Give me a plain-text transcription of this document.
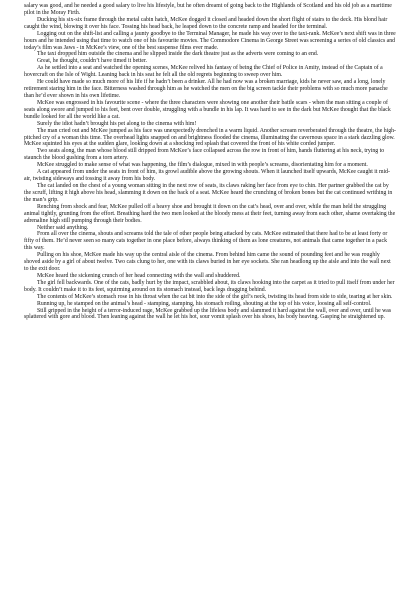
salary was good, and he needed a good salary to live his lifestyle, but he often dreamt of going back to the Highlands of Scotland and his old job as a maritime pilot in the Moray Firth.

Ducking his six-six frame through the metal cabin hatch, McKee dogged it closed and headed down the short flight of stairs to the deck. His blond hair caught the wind, blowing it over his face. Tossing his head back, he leaped down to the concrete ramp and headed for the terminal.

Logging out on the shift-list and calling a jaunty goodbye to the Terminal Manager, he made his way over to the taxi-rank. McKee’s next shift was in three hours and he intended using that time to watch one of his favourite movies. The Commodore Cinema in George Street was screening a series of old classics and today’s film was Jaws - in McKee’s view, one of the best suspense films ever made.

The taxi dropped him outside the cinema and he slipped inside the dark theatre just as the adverts were coming to an end.

Great, he thought, couldn’t have timed it better.

As he settled into a seat and watched the opening scenes, McKee relived his fantasy of being the Chief of Police in Amity, instead of the Captain of a hovercraft on the Isle of Wight. Leaning back in his seat he felt all the old regrets beginning to sweep over him.

He could have made so much more of his life if he hadn’t been a drinker. All he had now was a broken marriage, kids he never saw, and a long, lonely retirement staring him in the face. Bitterness washed through him as he watched the men on the big screen tackle their problems with so much more panache than he’d ever shown in his own lifetime.

McKee was engrossed in his favourite scene - where the three characters were showing one another their battle scars - when the man sitting a couple of seats along swore and jumped to his feet, bent over double, struggling with a bundle in his lap. It was hard to see in the dark but McKee thought that the black bundle looked for all the world like a cat.

Surely the idiot hadn’t brought his pet along to the cinema with him!

The man cried out and McKee jumped as his face was unexpectedly drenched in a warm liquid. Another scream reverberated through the theatre, the high-pitched cry of a woman this time. The overhead lights snapped on and brightness flooded the cinema, illuminating the cavernous space in a stark dazzling glow. McKee squinted his eyes at the sudden glare, looking down at a shocking red splash that covered the front of his white corded jumper.

Two seats along, the man whose blood still dripped from McKee’s face collapsed across the row in front of him, hands fluttering at his neck, trying to staunch the blood gushing from a torn artery.

McKee struggled to make sense of what was happening, the film’s dialogue, mixed in with people’s screams, disorientating him for a moment.

A cat appeared from under the seats in front of him, its growl audible above the growing shouts. When it launched itself upwards, McKee caught it mid-air, twisting sideways and tossing it away from his body.

The cat landed on the chest of a young woman sitting in the next row of seats, its claws raking her face from eye to chin. Her partner grabbed the cat by the scruff, lifting it high above his head, slamming it down on the back of a seat. McKee heard the crunching of broken bones but the cat continued writhing in the man’s grip.

Renching from shock and fear, McKee pulled off a heavy shoe and brought it down on the cat’s head, over and over, while the man held the struggling animal tightly, grunting from the effort. Breathing hard the two men looked at the bloody mess at their feet, turning away from each other, shame overtaking the adrenaline high still pumping through their bodies.

Neither said anything.

From all over the cinema, shouts and screams told the tale of other people being attacked by cats. McKee estimated that there had to be at least forty or fifty of them. He’d never seen so many cats together in one place before, always thinking of them as lone creatures, not animals that came together in a pack this way.

Pulling on his shoe, McKee made his way up the central aisle of the cinema. From behind him came the sound of pounding feet and he was roughly shoved aside by a girl of about twelve. Two cats clung to her, one with its claws buried in her eye sockets. She ran headlong up the aisle and into the wall next to the exit door.

McKee heard the sickening crunch of her head connecting with the wall and shuddered.

The girl fell backwards. One of the cats, badly hurt by the impact, scrabbled about, its claws hooking into the carpet as it tried to pull itself from under her body. It couldn’t make it to its feet, squirming around on its stomach instead, back legs dragging behind.

The contents of McKee’s stomach rose in his throat when the cat bit into the side of the girl’s neck, twisting its head from side to side, tearing at her skin.

Running up, he stamped on the animal’s head - stamping, stamping, his stomach roiling, shouting at the top of his voice, loosing all self-control.

Still gripped in the height of a terror-induced rage, McKee grabbed up the lifeless body and slammed it hard against the wall, over and over, until he was splattered with gore and blood. Then leaning against the wall he let his hot, sour vomit splash over his shoes, his body heaving. Gasping he straightened up.
